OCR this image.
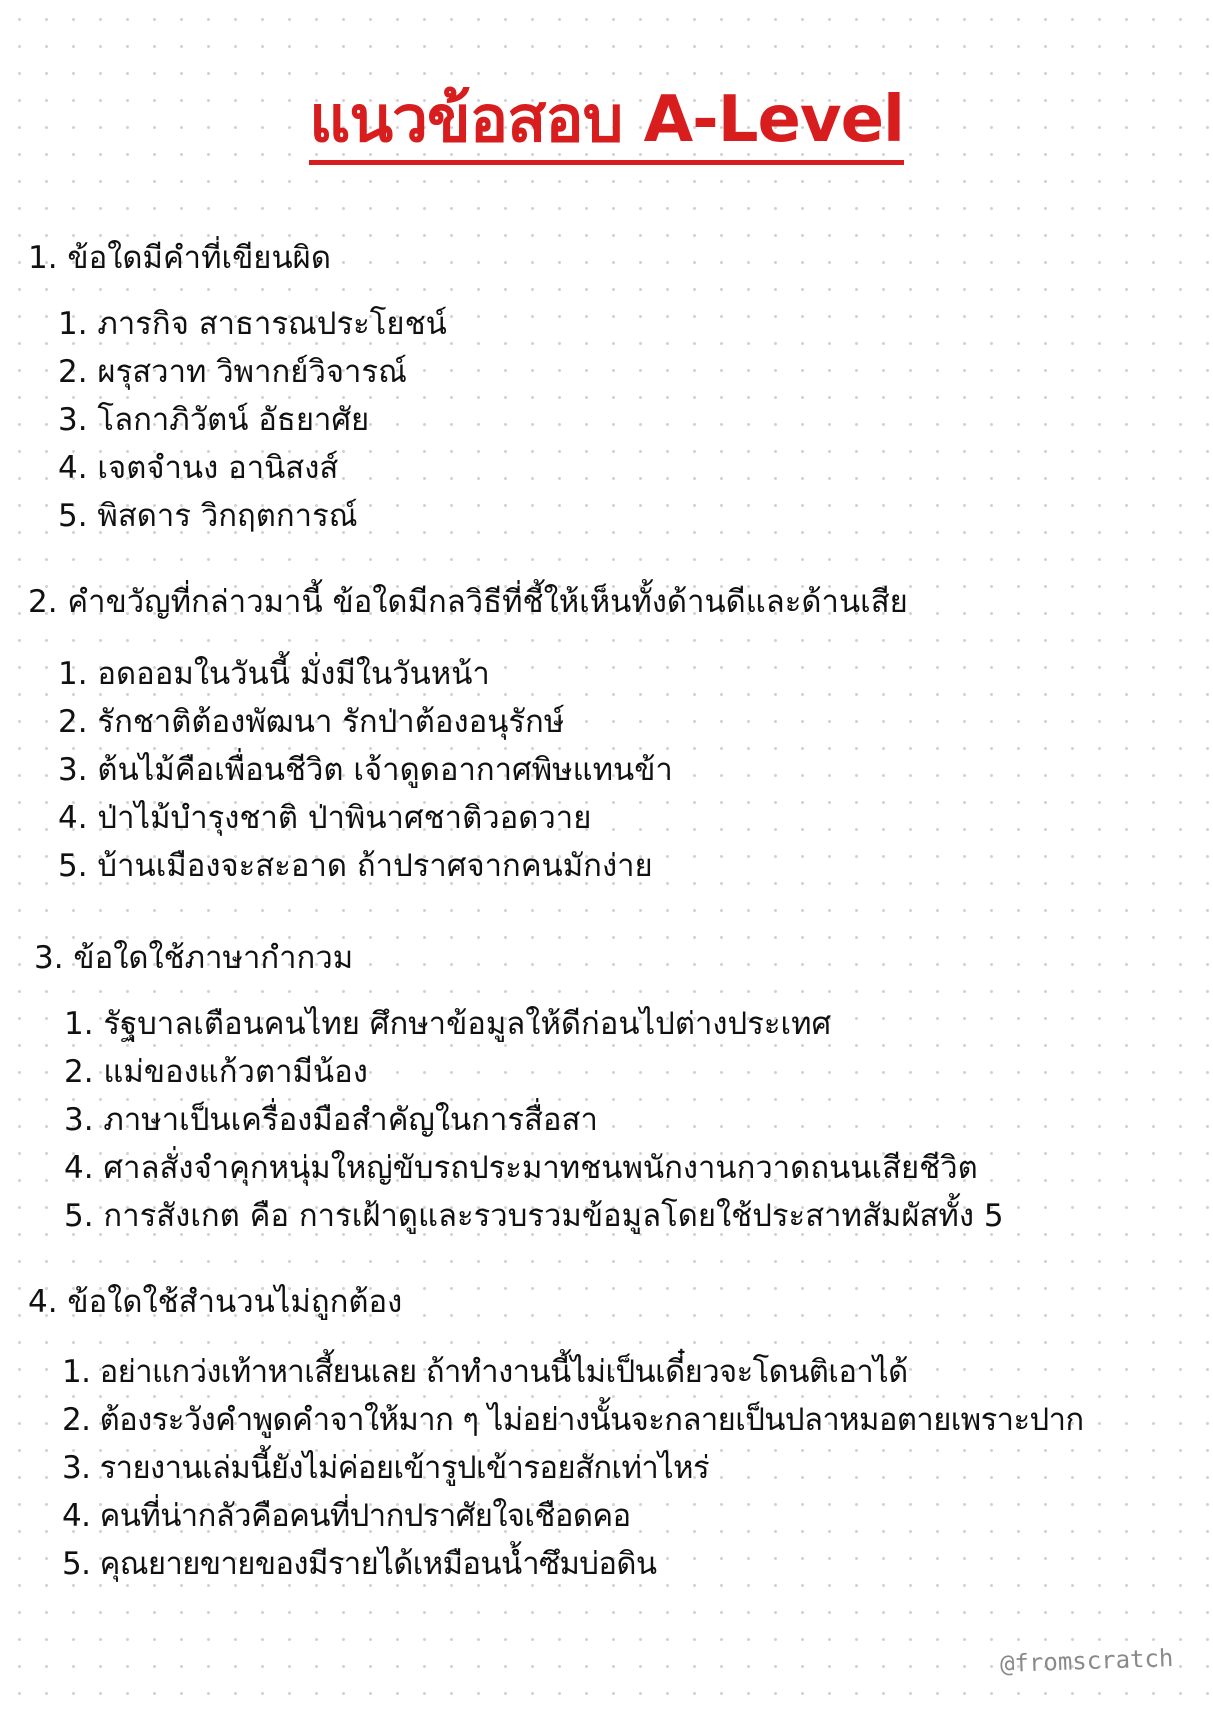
แนวข้อสอบ A-Level
1. ข้อใดมีคำที่เขียนผิด
1. ภารกิจ สาธารณประโยชน์
2. ผรุสวาท วิพากย์วิจารณ์
3. โลกาภิวัตน์ อัธยาศัย
4. เจตจำนง อานิสงส์
5. พิสดาร วิกฤตการณ์
2. คำขวัญที่กล่าวมานี้ ข้อใดมีกลวิธีที่ชี้ให้เห็นทั้งด้านดีและด้านเสีย
1. อดออมในวันนี้ มั่งมีในวันหน้า
2. รักชาติต้องพัฒนา รักป่าต้องอนุรักษ์
3. ต้นไม้คือเพื่อนชีวิต เจ้าดูดอากาศพิษแทนข้า
4. ป่าไม้บำรุงชาติ ป่าพินาศชาติวอดวาย
5. บ้านเมืองจะสะอาด ถ้าปราศจากคนมักง่าย
3. ข้อใดใช้ภาษากำกวม
1. รัฐบาลเตือนคนไทย ศึกษาข้อมูลให้ดีก่อนไปต่างประเทศ
2. แม่ของแก้วตามีน้อง
3. ภาษาเป็นเครื่องมือสำคัญในการสื่อสา
4. ศาลสั่งจำคุกหนุ่มใหญ่ขับรถประมาทชนพนักงานกวาดถนนเสียชีวิต
5. การสังเกต คือ การเฝ้าดูและรวบรวมข้อมูลโดยใช้ประสาทสัมผัสทั้ง 5
4. ข้อใดใช้สำนวนไม่ถูกต้อง
1. อย่าแกว่งเท้าหาเสี้ยนเลย ถ้าทำงานนี้ไม่เป็นเดี๋ยวจะโดนติเอาได้
2. ต้องระวังคำพูดคำจาให้มาก ๆ ไม่อย่างนั้นจะกลายเป็นปลาหมอตายเพราะปาก
3. รายงานเล่มนี้ยังไม่ค่อยเข้ารูปเข้ารอยสักเท่าไหร่
4. คนที่น่ากลัวคือคนที่ปากปราศัยใจเชือดคอ
5. คุณยายขายของมีรายได้เหมือนน้ำซึมบ่อดิน
@fromscratch
